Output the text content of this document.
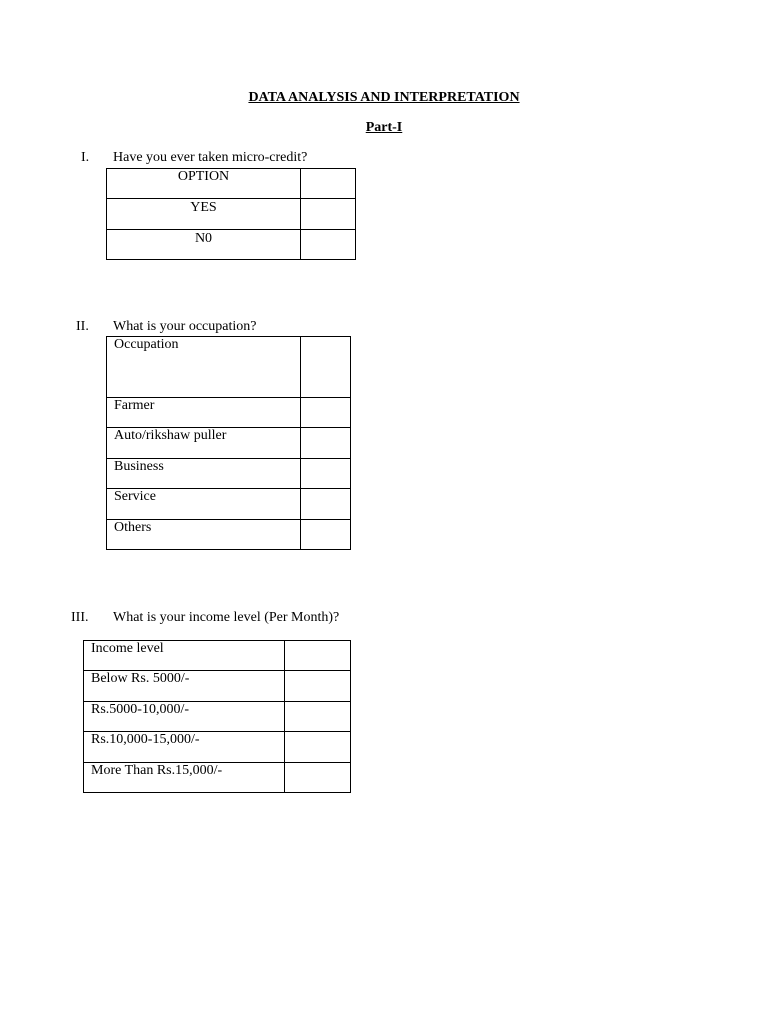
DATA ANALYSIS AND INTERPRETATION
Part-I
I. Have you ever taken micro-credit?
OPTION	
YES	
N0	
II. What is your occupation?
Occupation	
Farmer	
Auto/rikshaw puller	
Business	
Service	
Others	
III. What is your income level (Per Month)?
Income level	
Below Rs. 5000/-	
Rs.5000-10,000/-	
Rs.10,000-15,000/-	
More Than Rs.15,000/-	
